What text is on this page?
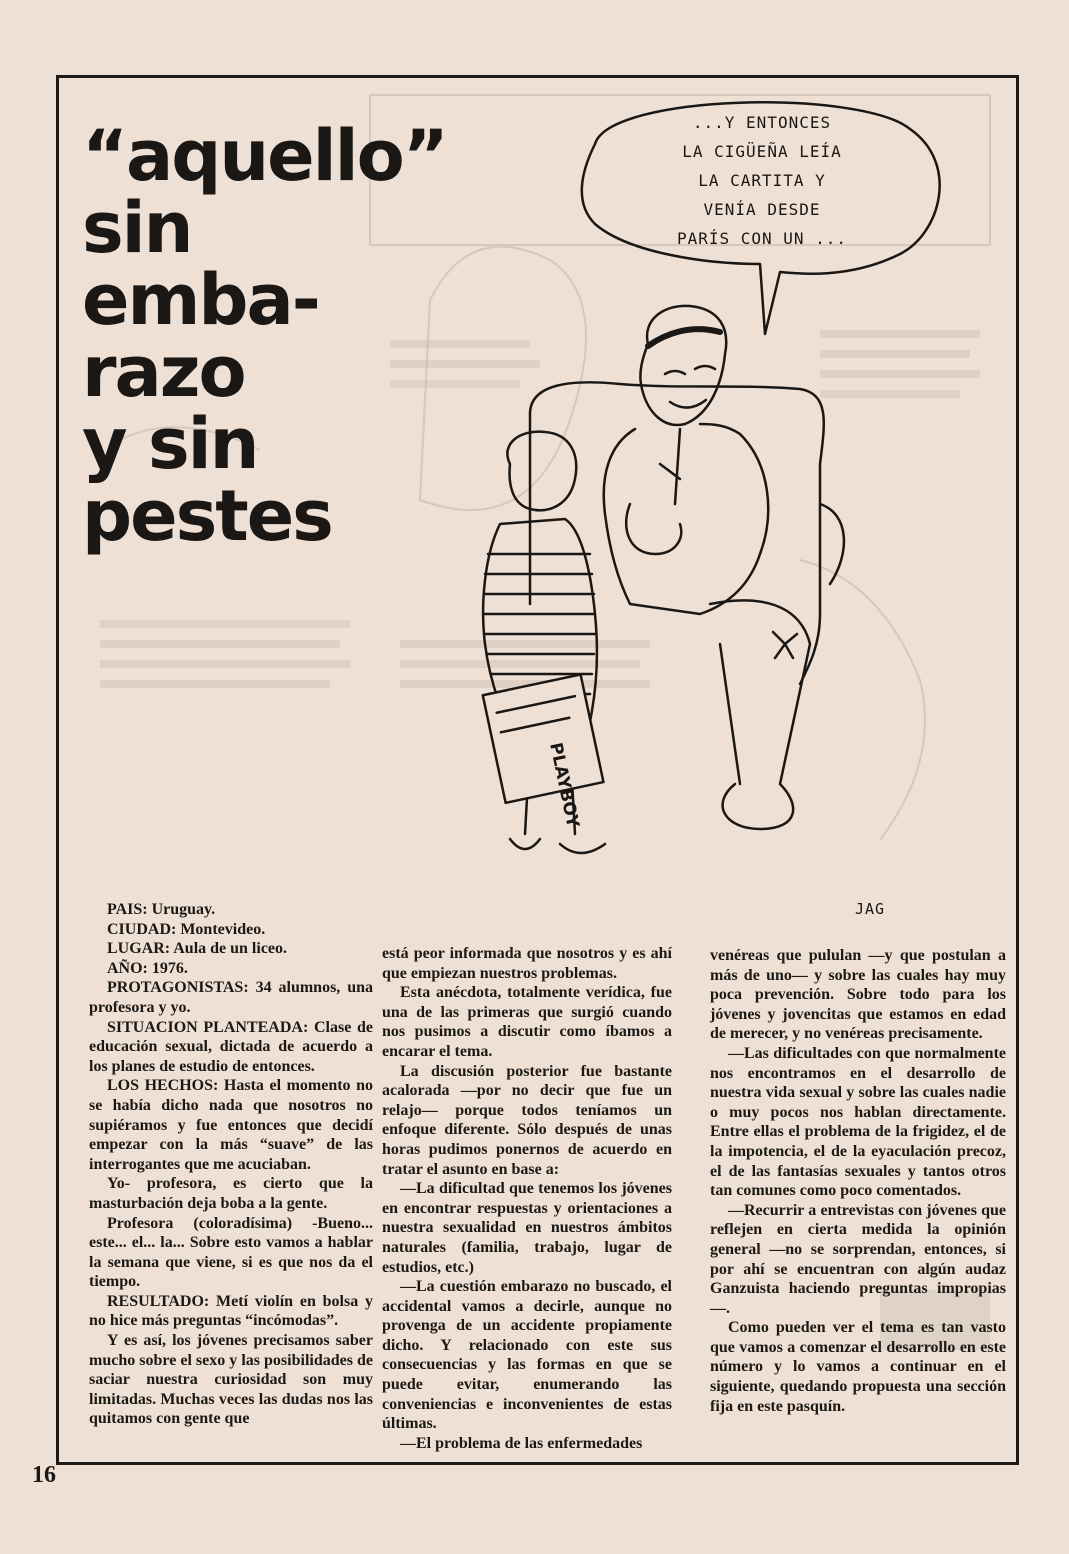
“aquello”
sin
emba-
razo
y sin
pestes
PLAYBOY
...Y ENTONCES
LA CIGÜEÑA LEÍA
LA CARTITA Y
VENÍA DESDE
PARÍS CON UN ...
JAG

PAIS: Uruguay.

CIUDAD: Montevideo.

LUGAR: Aula de un liceo.

AÑO: 1976.

PROTAGONISTAS: 34 alumnos, una profesora y yo.

SITUACION PLANTEADA: Clase de educación sexual, dictada de acuerdo a los planes de estudio de entonces.

LOS HECHOS: Hasta el momento no se había dicho nada que nosotros no supiéramos y fue entonces que decidí empezar con la más “suave” de las interrogantes que me acuciaban.

Yo- profesora, es cierto que la masturbación deja boba a la gente.

Profesora (coloradísima) -Bueno... este... el... la... Sobre esto vamos a hablar la semana que viene, si es que nos da el tiempo.

RESULTADO: Metí violín en bolsa y no hice más preguntas “incómodas”.

Y es así, los jóvenes precisamos saber mucho sobre el sexo y las posibilidades de saciar nuestra curiosidad son muy limitadas. Muchas veces las dudas nos las quitamos con gente que

está peor informada que nosotros y es ahí que empiezan nuestros problemas.

Esta anécdota, totalmente verídica, fue una de las primeras que surgió cuando nos pusimos a discutir como íbamos a encarar el tema.

La discusión posterior fue bastante acalorada —por no decir que fue un relajo— porque todos teníamos un enfoque diferente. Sólo después de unas horas pudimos ponernos de acuerdo en tratar el asunto en base a:

—La dificultad que tenemos los jóvenes en encontrar respuestas y orientaciones a nuestra sexualidad en nuestros ámbitos naturales (familia, trabajo, lugar de estudios, etc.)

—La cuestión embarazo no buscado, el accidental vamos a decirle, aunque no provenga de un accidente propiamente dicho. Y relacionado con este sus consecuencias y las formas en que se puede evitar, enumerando las conveniencias e inconvenientes de estas últimas.

—El problema de las enfermedades

venéreas que pululan —y que postulan a más de uno— y sobre las cuales hay muy poca prevención. Sobre todo para los jóvenes y jovencitas que estamos en edad de merecer, y no venéreas precisamente.

—Las dificultades con que normalmente nos encontramos en el desarrollo de nuestra vida sexual y sobre las cuales nadie o muy pocos nos hablan directamente. Entre ellas el problema de la frigidez, el de la impotencia, el de la eyaculación precoz, el de las fantasías sexuales y tantos otros tan comunes como poco comentados.

—Recurrir a entrevistas con jóvenes que reflejen en cierta medida la opinión general —no se sorprendan, entonces, si por ahí se encuentran con algún audaz Ganzuista haciendo preguntas impropias—.

Como pueden ver el tema es tan vasto que vamos a comenzar el desarrollo en este número y lo vamos a continuar en el siguiente, quedando propuesta una sección fija en este pasquín.

16
